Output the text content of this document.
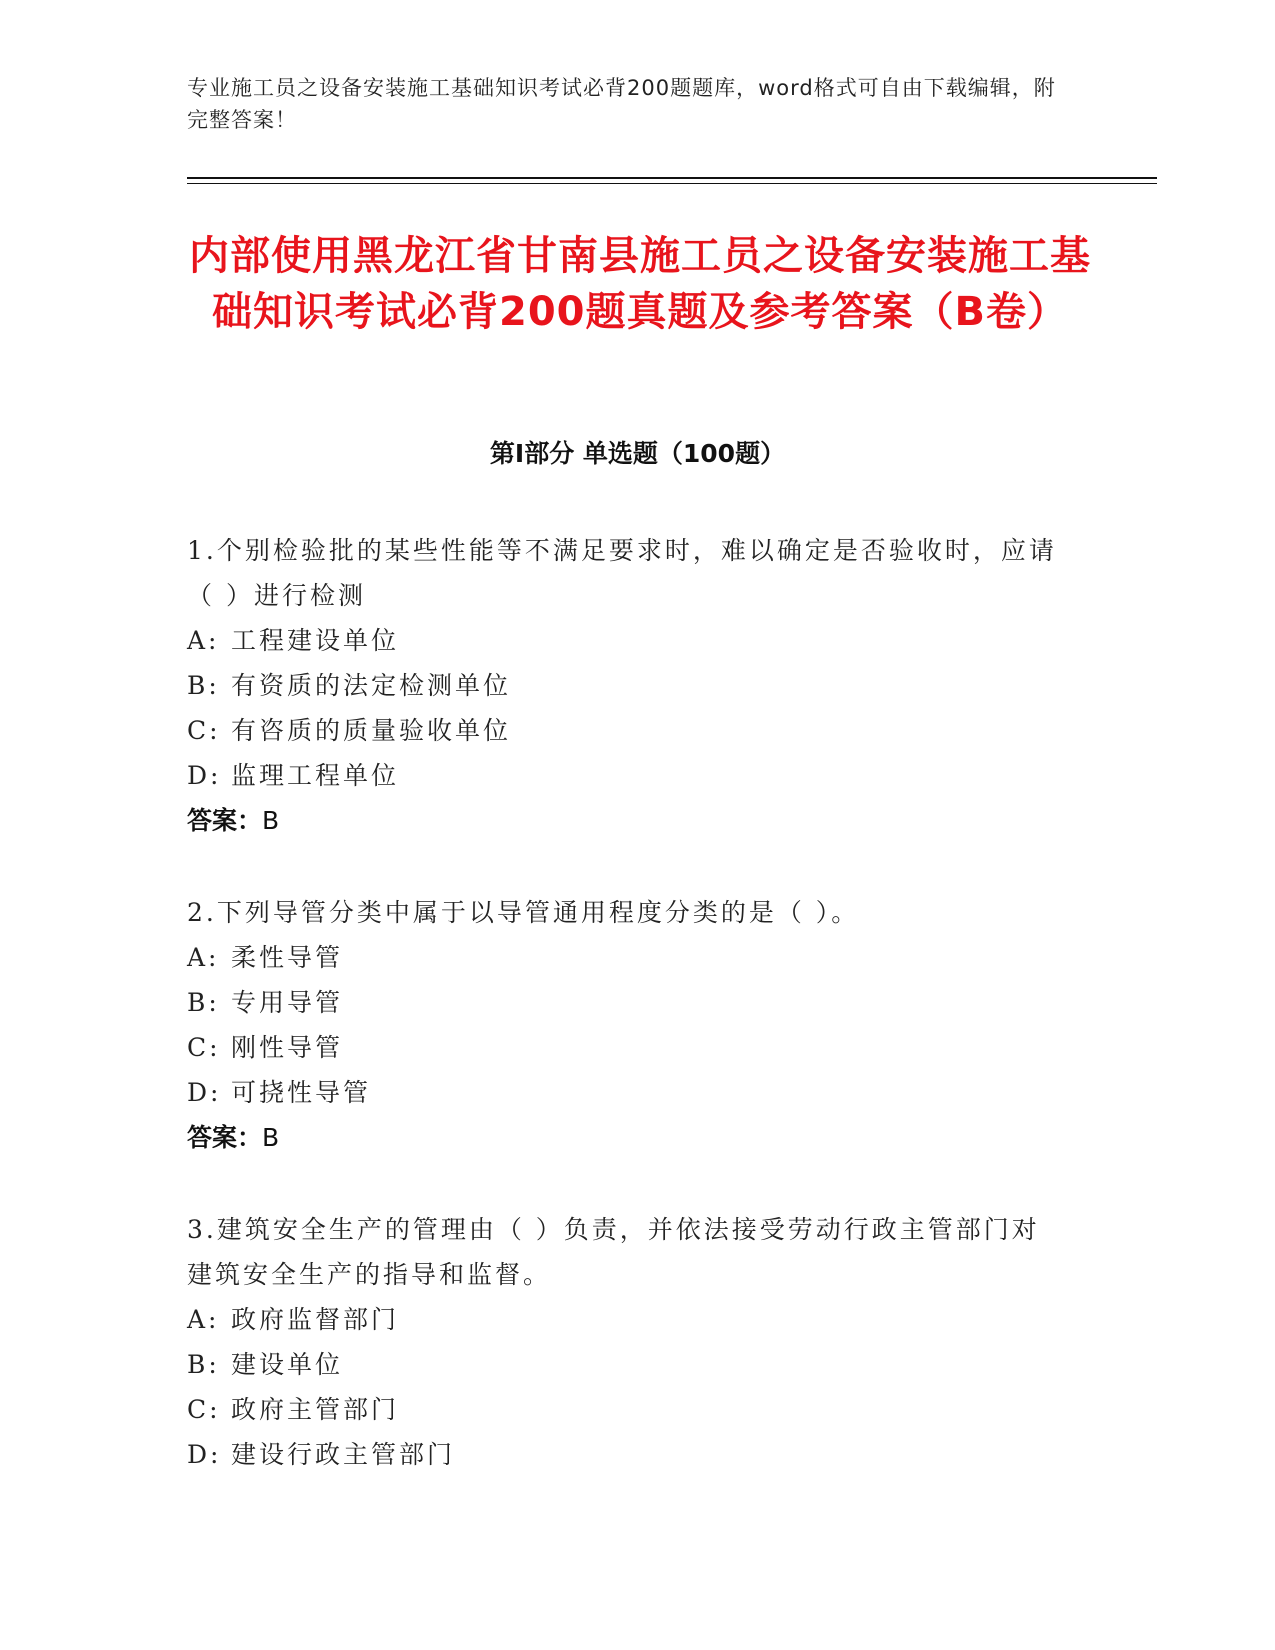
专业施工员之设备安装施工基础知识考试必背200题题库，word格式可自由下载编辑，附完整答案！
内部使用黑龙江省甘南县施工员之设备安装施工基础知识考试必背200题真题及参考答案（B卷）
第Ⅰ部分 单选题（100题）
1.个别检验批的某些性能等不满足要求时，难以确定是否验收时，应请（ ）进行检测
A: 工程建设单位
B: 有资质的法定检测单位
C: 有咨质的质量验收单位
D: 监理工程单位
答案：B
2.下列导管分类中属于以导管通用程度分类的是（ ）。
A: 柔性导管
B: 专用导管
C: 刚性导管
D: 可挠性导管
答案：B
3.建筑安全生产的管理由（ ）负责，并依法接受劳动行政主管部门对建筑安全生产的指导和监督。
A: 政府监督部门
B: 建设单位
C: 政府主管部门
D: 建设行政主管部门
